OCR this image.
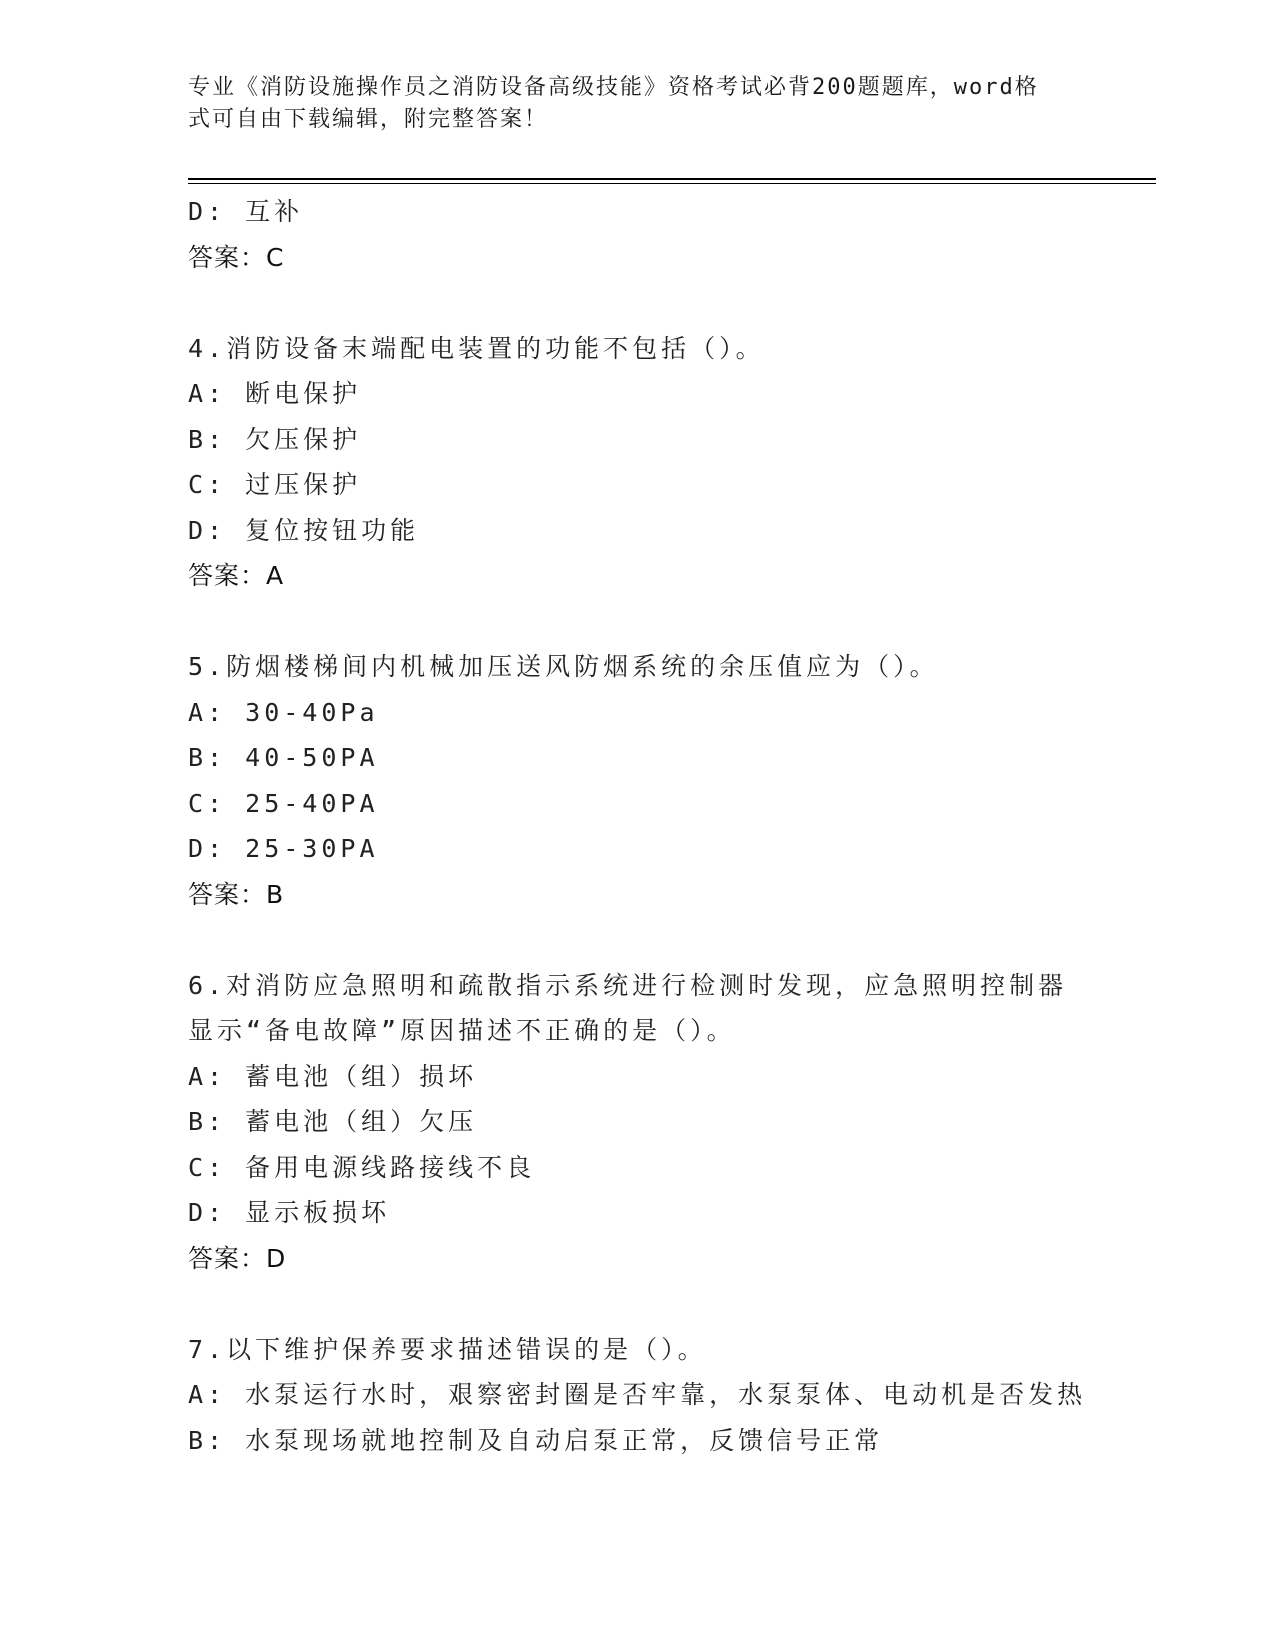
专业《消防设施操作员之消防设备高级技能》资格考试必背200题题库，word格
式可自由下载编辑，附完整答案！
D: 互补
答案：C
4.消防设备末端配电装置的功能不包括（）。
A: 断电保护
B: 欠压保护
C: 过压保护
D: 复位按钮功能
答案：A
5.防烟楼梯间内机械加压送风防烟系统的余压值应为（）。
A: 30-40Pa
B: 40-50PA
C: 25-40PA
D: 25-30PA
答案：B
6.对消防应急照明和疏散指示系统进行检测时发现，应急照明控制器
显示“备电故障”原因描述不正确的是（）。
A: 蓄电池（组）损坏
B: 蓄电池（组）欠压
C: 备用电源线路接线不良
D: 显示板损坏
答案：D
7.以下维护保养要求描述错误的是（）。
A: 水泵运行水时，艰察密封圈是否牢靠，水泵泵体、电动机是否发热
B: 水泵现场就地控制及自动启泵正常，反馈信号正常
